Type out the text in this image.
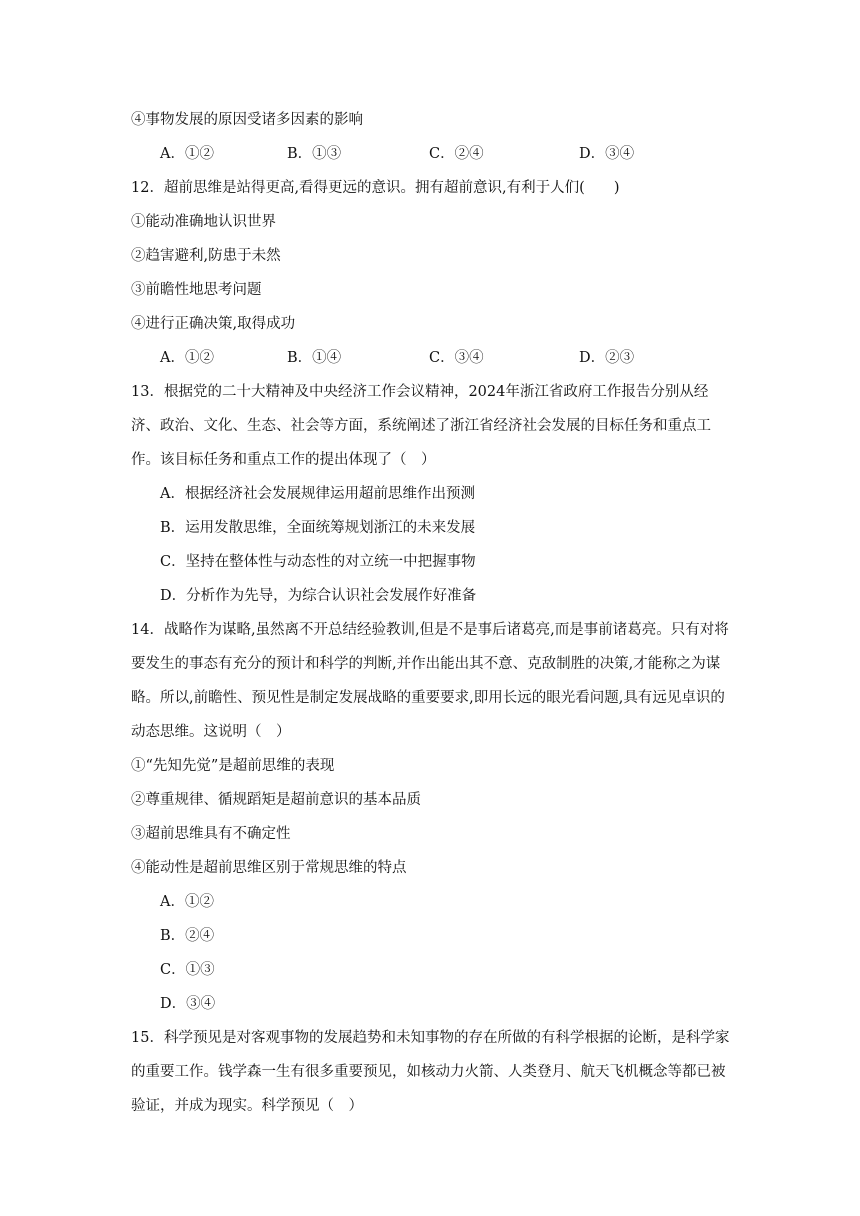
④事物发展的原因受诸多因素的影响
A．①②	B．①③	C．②④	D．③④
12．超前思维是站得更高,看得更远的意识。拥有超前意识,有利于人们(　　)
①能动准确地认识世界
②趋害避利,防患于未然
③前瞻性地思考问题
④进行正确决策,取得成功
A．①②	B．①④	C．③④	D．②③
13．根据党的二十大精神及中央经济工作会议精神，2024年浙江省政府工作报告分别从经济、政治、文化、生态、社会等方面，系统阐述了浙江省经济社会发展的目标任务和重点工作。该目标任务和重点工作的提出体现了（　）
A．根据经济社会发展规律运用超前思维作出预测
B．运用发散思维，全面统筹规划浙江的未来发展
C．坚持在整体性与动态性的对立统一中把握事物
D．分析作为先导，为综合认识社会发展作好准备
14．战略作为谋略,虽然离不开总结经验教训,但是不是事后诸葛亮,而是事前诸葛亮。只有对将要发生的事态有充分的预计和科学的判断,并作出能出其不意、克敌制胜的决策,才能称之为谋略。所以,前瞻性、预见性是制定发展战略的重要要求,即用长远的眼光看问题,具有远见卓识的动态思维。这说明（　）
①“先知先觉”是超前思维的表现
②尊重规律、循规蹈矩是超前意识的基本品质
③超前思维具有不确定性
④能动性是超前思维区别于常规思维的特点
A．①②
B．②④
C．①③
D．③④
15．科学预见是对客观事物的发展趋势和未知事物的存在所做的有科学根据的论断，是科学家的重要工作。钱学森一生有很多重要预见，如核动力火箭、人类登月、航天飞机概念等都已被验证，并成为现实。科学预见（　）
